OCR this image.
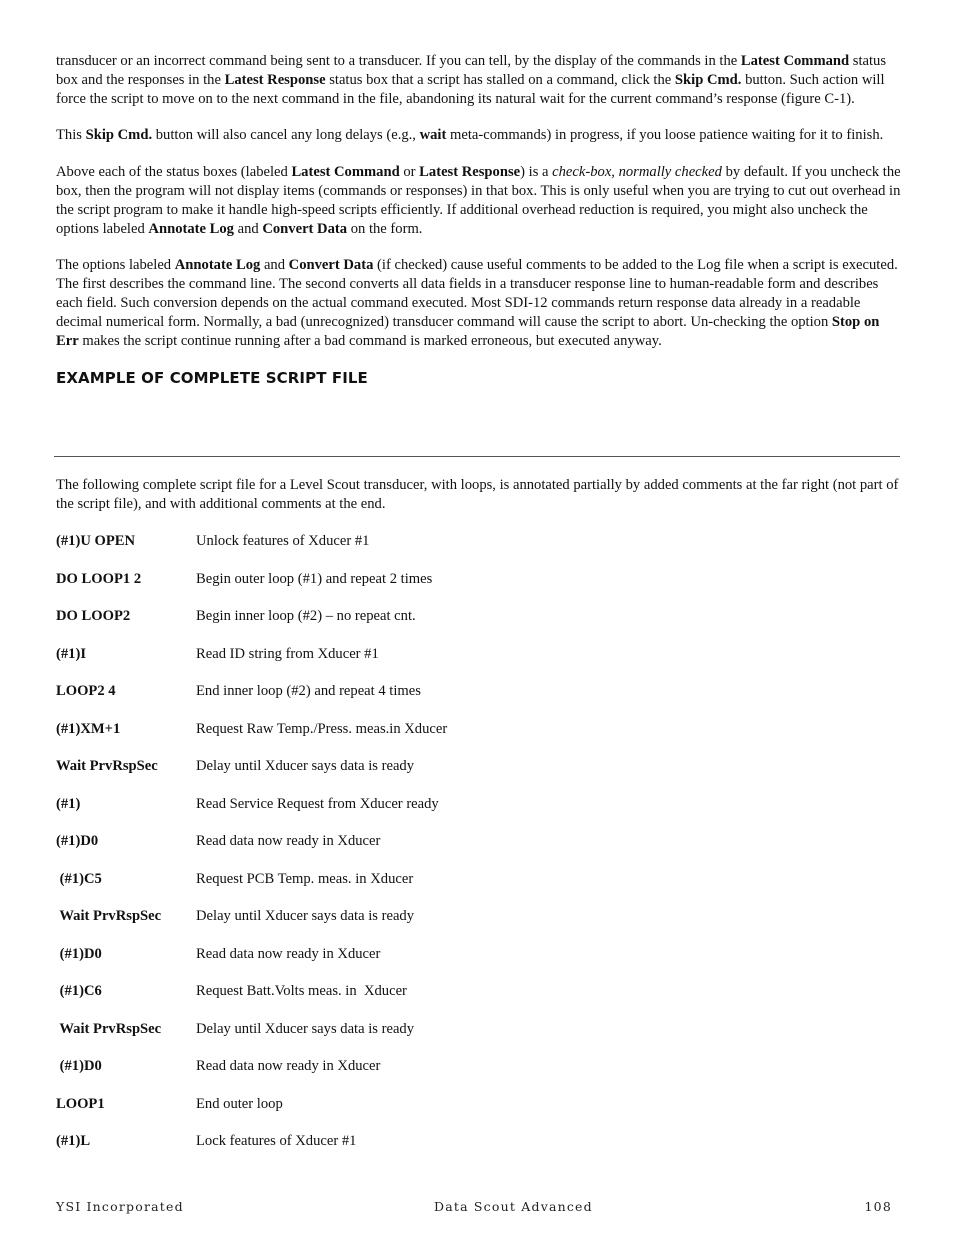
transducer or an incorrect command being sent to a transducer. If you can tell, by the display of the commands in the Latest Command status box and the responses in the Latest Response status box that a script has stalled on a command, click the Skip Cmd. button. Such action will force the script to move on to the next command in the file, abandoning its natural wait for the current command’s response (figure C-1).

This Skip Cmd. button will also cancel any long delays (e.g., wait meta-commands) in progress, if you loose patience waiting for it to finish.

Above each of the status boxes (labeled Latest Command or Latest Response) is a check-box, normally checked by default. If you uncheck the box, then the program will not display items (commands or responses) in that box. This is only useful when you are trying to cut out overhead in the script program to make it handle high-speed scripts efficiently. If additional overhead reduction is required, you might also uncheck the options labeled Annotate Log and Convert Data on the form.

The options labeled Annotate Log and Convert Data (if checked) cause useful comments to be added to the Log file when a script is executed. The first describes the command line. The second converts all data fields in a transducer response line to human-readable form and describes each field. Such conversion depends on the actual command executed. Most SDI-12 commands return response data already in a readable decimal numerical form. Normally, a bad (unrecognized) transducer command will cause the script to abort. Un-checking the option Stop on Err makes the script continue running after a bad command is marked erroneous, but executed anyway.

EXAMPLE OF COMPLETE SCRIPT FILE

The following complete script file for a Level Scout transducer, with loops, is annotated partially by added comments at the far right (not part of the script file), and with additional comments at the end.

(#1)U OPEN	Unlock features of Xducer #1
DO LOOP1 2	Begin outer loop (#1) and repeat 2 times
DO LOOP2	Begin inner loop (#2) – no repeat cnt.
(#1)I	Read ID string from Xducer #1
LOOP2 4	End inner loop (#2) and repeat 4 times
(#1)XM+1	Request Raw Temp./Press. meas.in Xducer
Wait PrvRspSec	Delay until Xducer says data is ready
(#1)	Read Service Request from Xducer ready
(#1)D0	Read data now ready in Xducer
(#1)C5	Request PCB Temp. meas. in Xducer
Wait PrvRspSec	Delay until Xducer says data is ready
(#1)D0	Read data now ready in Xducer
(#1)C6	Request Batt.Volts meas. in  Xducer
Wait PrvRspSec	Delay until Xducer says data is ready
(#1)D0	Read data now ready in Xducer
LOOP1	End outer loop
(#1)L	Lock features of Xducer #1
YSI Incorporated	Data Scout Advanced	108
